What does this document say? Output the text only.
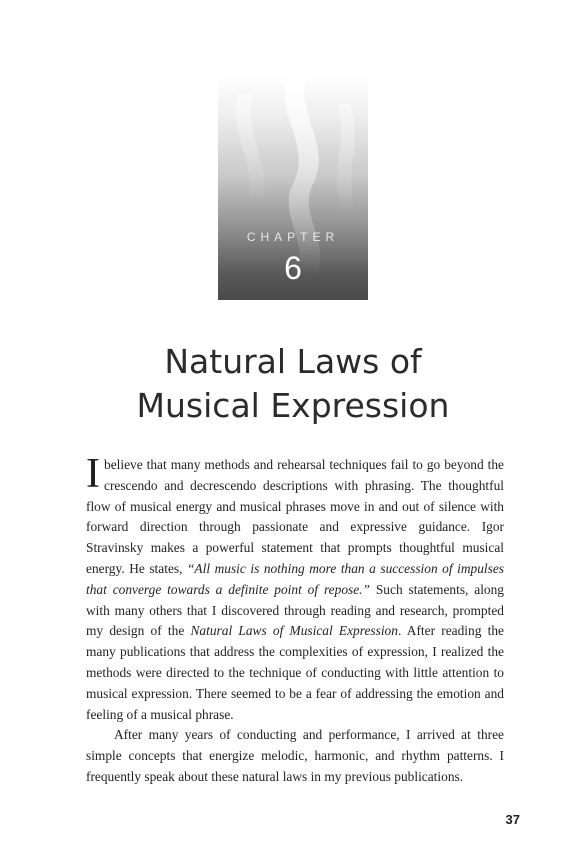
CHAPTER
6
Natural Laws of
Musical Expression

Ibelieve that many methods and rehearsal techniques fail to go beyond the crescendo and decrescendo descriptions with phrasing. The thoughtful flow of musical energy and musical phrases move in and out of silence with forward direction through passionate and expressive guidance. Igor Stravinsky makes a powerful statement that prompts thoughtful musical energy. He states, “All music is nothing more than a succession of impulses that converge towards a definite point of repose.” Such statements, along with many others that I discovered through reading and research, prompted my design of the Natural Laws of Musical Expression. After reading the many publications that address the complexities of expression, I realized the methods were directed to the technique of conducting with little attention to musical expression. There seemed to be a fear of addressing the emotion and feeling of a musical phrase.

After many years of conducting and performance, I arrived at three simple concepts that energize melodic, harmonic, and rhythm patterns. I frequently speak about these natural laws in my previous publications.

37
